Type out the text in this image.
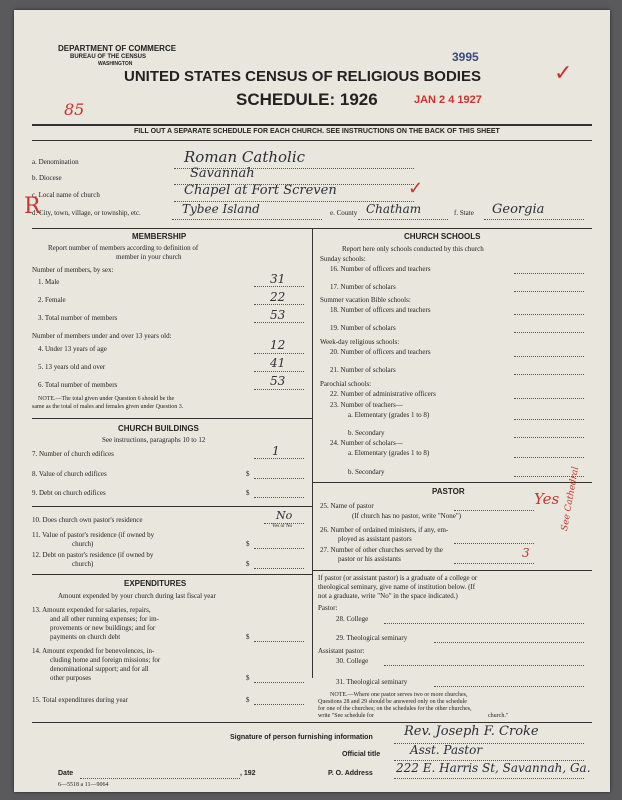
DEPARTMENT OF COMMERCE
BUREAU OF THE CENSUS
WASHINGTON
UNITED STATES CENSUS OF RELIGIOUS BODIES
SCHEDULE: 1926
3995
JAN 2 4 1927
85
✓
FILL OUT A SEPARATE SCHEDULE FOR EACH CHURCH. SEE INSTRUCTIONS ON THE BACK OF THIS SHEET
a. Denomination	Roman Catholic
b. Diocese	Savannah
c. Local name of church	Chapel at Fort Screven	✓
d. City, town, village, or township, etc.	Tybee Island	e. County Chatham	f. State Georgia
R
MEMBERSHIP
Report number of members according to definition of
member in your church
Number of members, by sex:
1. Male	31
2. Female	22
3. Total number of members	53
Number of members under and over 13 years old:
4. Under 13 years of age	12
5. 13 years old and over	41
6. Total number of members	53
NOTE.—The total given under Question 6 should be the
same as the total of males and females given under Question 3.
CHURCH BUILDINGS
See instructions, paragraphs 10 to 12
7. Number of church edifices	1
8. Value of church edifices	$
9. Debt on church edifices	$
10. Does church own pastor's residence	No
Yes or No
11. Value of pastor's residence (if owned by
church)	$
12. Debt on pastor's residence (if owned by
church)	$
EXPENDITURES
Amount expended by your church during last fiscal year
13. Amount expended for salaries, repairs,
and all other running expenses; for im-
provements or new buildings; and for
payments on church debt	$
14. Amount expended for benevolences, in-
cluding home and foreign missions; for
denominational support; and for all
other purposes	$
15. Total expenditures during year	$
CHURCH SCHOOLS
Report here only schools conducted by this church
Sunday schools:
16. Number of officers and teachers
17. Number of scholars
Summer vacation Bible schools:
18. Number of officers and teachers
19. Number of scholars
Week-day religious schools:
20. Number of officers and teachers
21. Number of scholars
Parochial schools:
22. Number of administrative officers
23. Number of teachers—
a. Elementary (grades 1 to 8)
b. Secondary
24. Number of scholars—
a. Elementary (grades 1 to 8)
b. Secondary
PASTOR
25. Name of pastor	Yes See Cathedral
(If church has no pastor, write "None")
26. Number of ordained ministers, if any, em-
ployed as assistant pastors
27. Number of other churches served by the
pastor or his assistants	3
If pastor (or assistant pastor) is a graduate of a college or
theological seminary, give name of institution below. (If
not a graduate, write "No" in the space indicated.)
Pastor:
28. College
29. Theological seminary
Assistant pastor:
30. College
31. Theological seminary
NOTE.—Where one pastor serves two or more churches,
Questions 28 and 29 should be answered only on the schedule
for one of the churches; on the schedules for the other churches,
write "See schedule for	church."
Signature of person furnishing information Rev. Joseph F. Croke
Official title Asst. Pastor
Date	, 192	P. O. Address 222 E. Harris St, Savannah, Ga.
6—5518 a 11—9064
